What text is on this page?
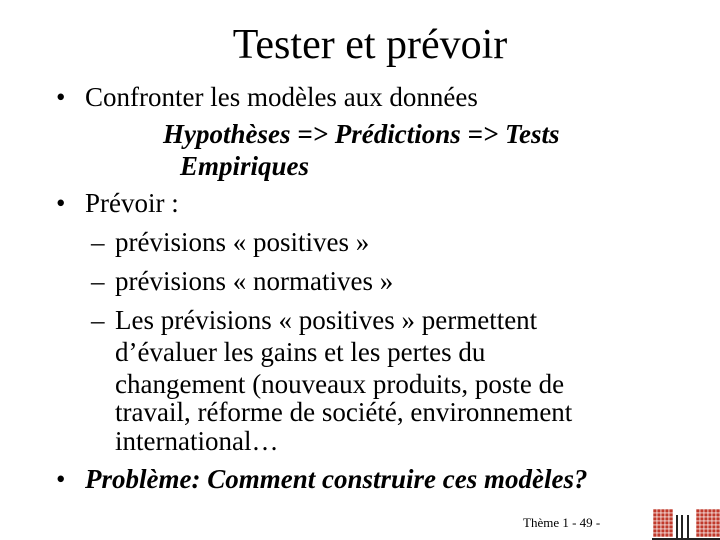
Tester et prévoir
• Confronter les modèles aux données
Hypothèses => Prédictions => Tests
Empiriques
• Prévoir :
– prévisions « positives »
– prévisions « normatives »
– Les prévisions « positives » permettent
d’évaluer les gains et les pertes du
changement (nouveaux produits, poste de
travail, réforme de société, environnement
international…
• Problème: Comment construire ces modèles?
Thème 1 - 49 -
